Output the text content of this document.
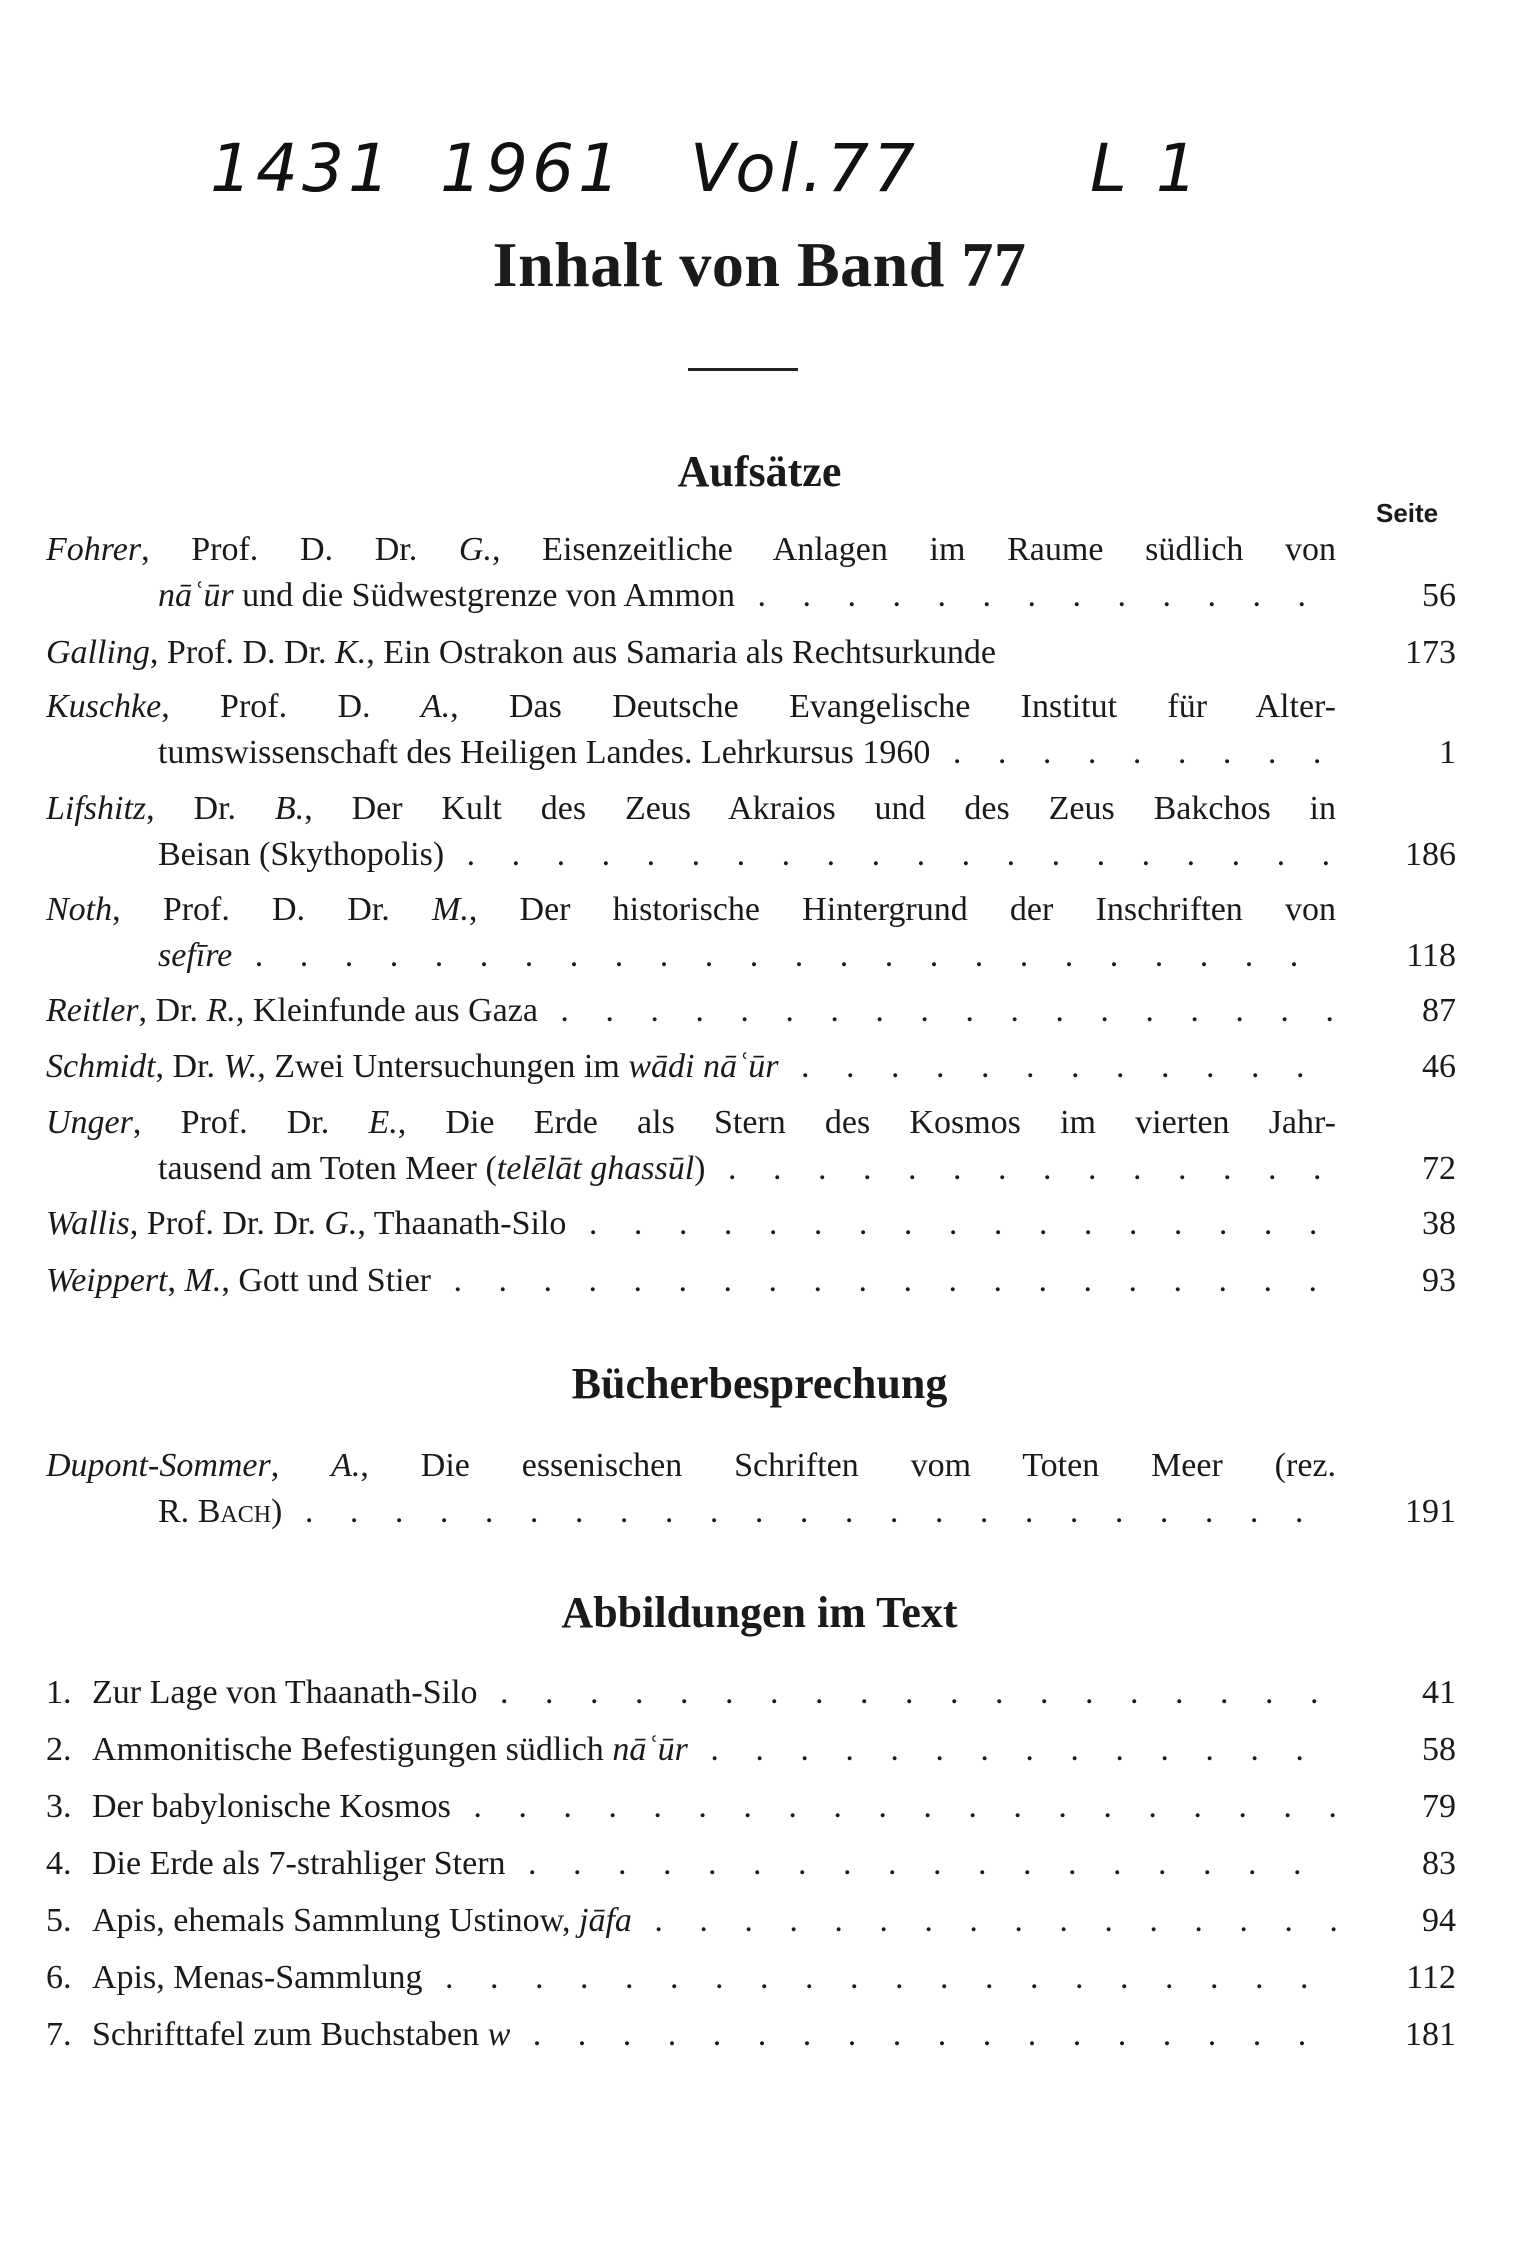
1431 1961 Vol.77	L 1
Inhalt von Band 77
Aufsätze
Seite
Fohrer, Prof. D. Dr. G., Eisenzeitliche Anlagen im Raume südlich von
nāʿūr und die Südwestgrenze von Ammon . . .	56
Galling, Prof. D. Dr. K., Ein Ostrakon aus Samaria als Rechtsurkunde	173
Kuschke, Prof. D. A., Das Deutsche Evangelische Institut für Alter-
tumswissenschaft des Heiligen Landes. Lehrkursus 1960 . . .	1
Lifshitz, Dr. B., Der Kult des Zeus Akraios und des Zeus Bakchos in
Beisan (Skythopolis) . . .	186
Noth, Prof. D. Dr. M., Der historische Hintergrund der Inschriften von
sefīre . . .	118
Reitler, Dr. R., Kleinfunde aus Gaza . . .	87
Schmidt, Dr. W., Zwei Untersuchungen im wādi nāʿūr . . .	46
Unger, Prof. Dr. E., Die Erde als Stern des Kosmos im vierten Jahr-
tausend am Toten Meer (telēlāt ghassūl) . . .	72
Wallis, Prof. Dr. Dr. G., Thaanath-Silo . . .	38
Weippert, M., Gott und Stier . . .	93
Bücherbesprechung
Dupont-Sommer, A., Die essenischen Schriften vom Toten Meer (rez.
R. Bach) . . .	191
Abbildungen im Text
1. Zur Lage von Thaanath-Silo . . .	41
2. Ammonitische Befestigungen südlich nāʿūr . . .	58
3. Der babylonische Kosmos . . .	79
4. Die Erde als 7-strahliger Stern . . .	83
5. Apis, ehemals Sammlung Ustinow, jāfa . . .	94
6. Apis, Menas-Sammlung . . .	112
7. Schrifttafel zum Buchstaben w . . .	181
